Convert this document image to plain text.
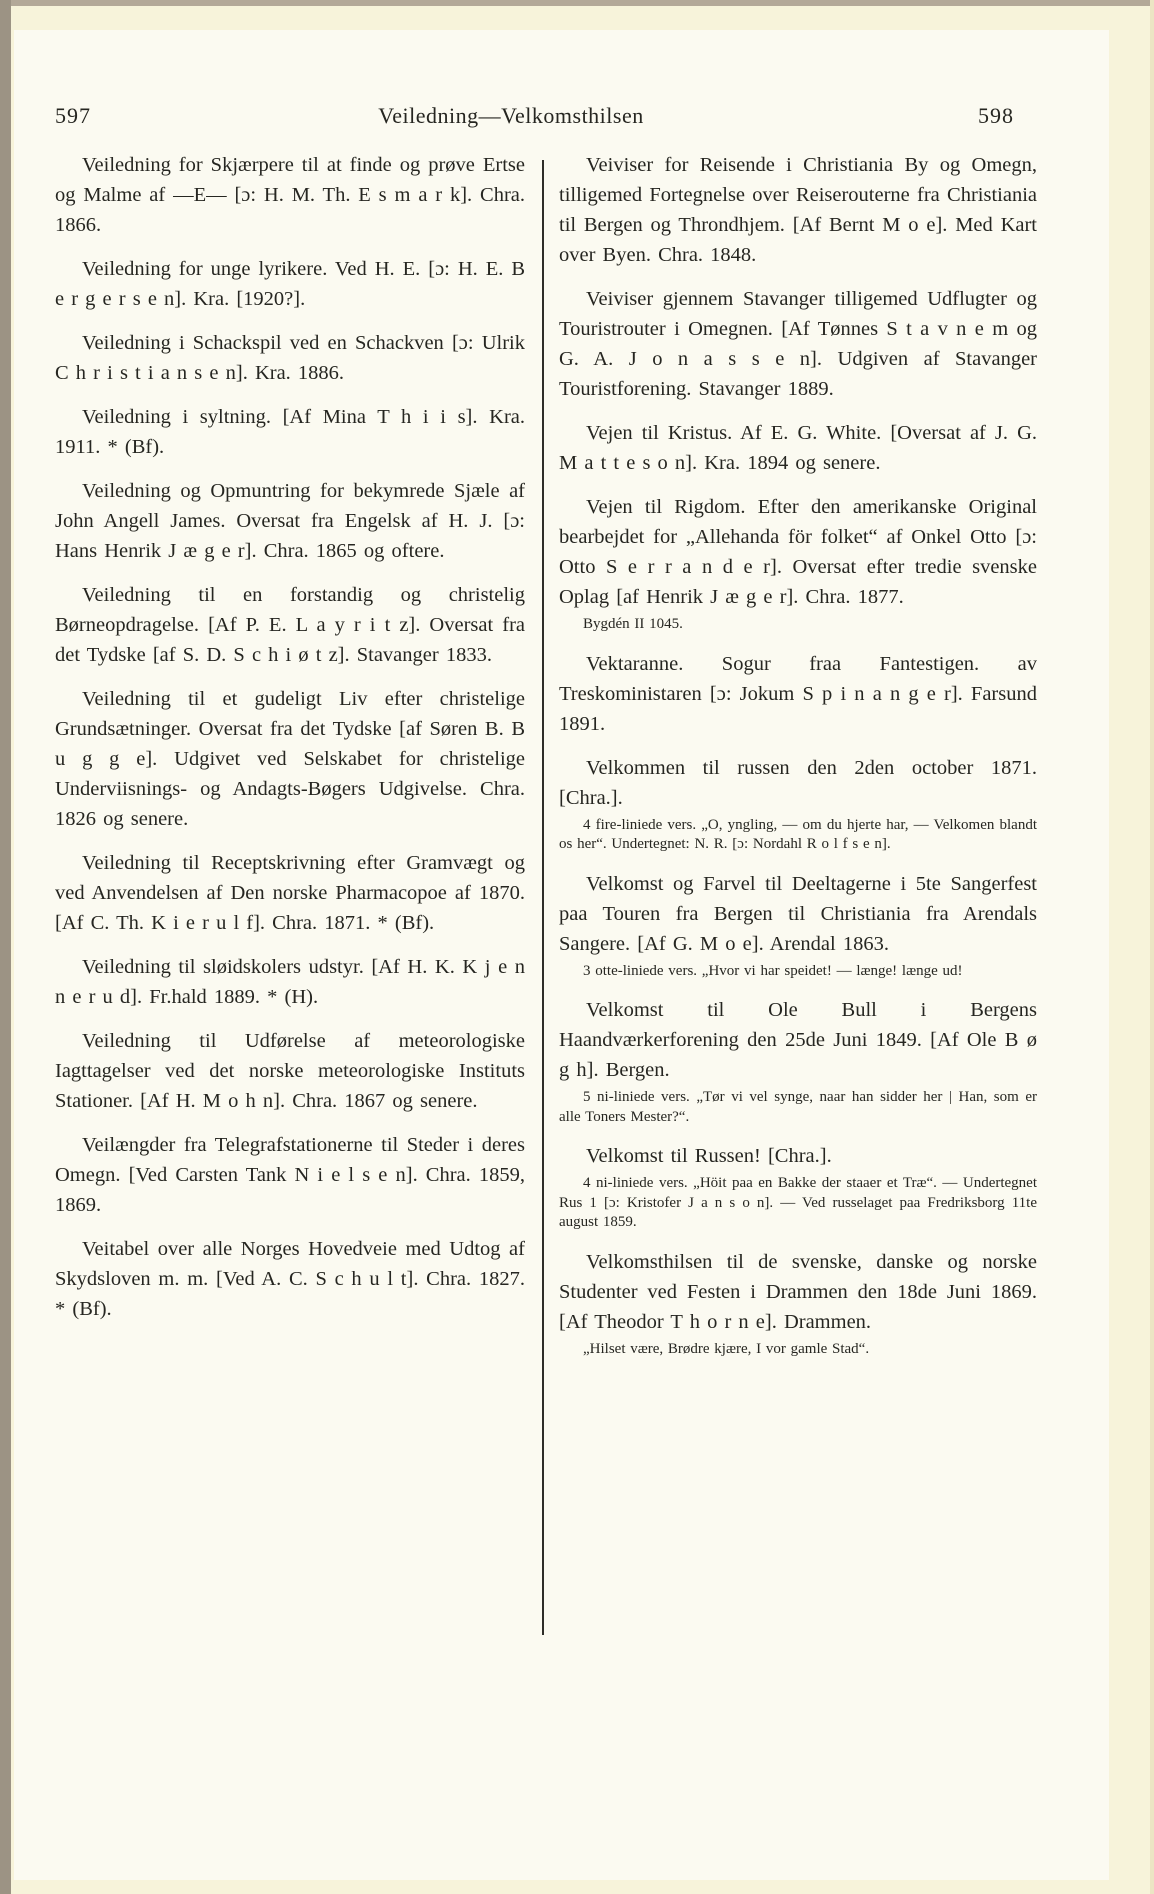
597	Veiledning—Velkomsthilsen	598

Veiledning for Skjærpere til at finde og prøve Ertse og Malme af —E— [ɔ: H. M. Th. E s m a r k]. Chra. 1866.

Veiledning for unge lyrikere. Ved H. E. [ɔ: H. E. B e r g e r s e n]. Kra. [1920?].

Veiledning i Schackspil ved en Schackven [ɔ: Ulrik C h r i s t i a n s e n]. Kra. 1886.

Veiledning i syltning. [Af Mina T h i i s]. Kra. 1911. * (Bf).

Veiledning og Opmuntring for bekymrede Sjæle af John Angell James. Oversat fra Engelsk af H. J. [ɔ: Hans Henrik J æ g e r]. Chra. 1865 og oftere.

Veiledning til en forstandig og christelig Børneopdragelse. [Af P. E. L a y r i t z]. Oversat fra det Tydske [af S. D. S c h i ø t z]. Stavanger 1833.

Veiledning til et gudeligt Liv efter christelige Grundsætninger. Oversat fra det Tydske [af Søren B. B u g g e]. Udgivet ved Selskabet for christelige Underviisnings- og Andagts-Bøgers Udgivelse. Chra. 1826 og senere.

Veiledning til Receptskrivning efter Gramvægt og ved Anvendelsen af Den norske Pharmacopoe af 1870. [Af C. Th. K i e r u l f]. Chra. 1871. * (Bf).

Veiledning til sløidskolers udstyr. [Af H. K. K j e n n e r u d]. Fr.hald 1889. * (H).

Veiledning til Udførelse af meteorologiske Iagttagelser ved det norske meteorologiske Instituts Stationer. [Af H. M o h n]. Chra. 1867 og senere.

Veilængder fra Telegrafstationerne til Steder i deres Omegn. [Ved Carsten Tank N i e l s e n]. Chra. 1859, 1869.

Veitabel over alle Norges Hovedveie med Udtog af Skydsloven m. m. [Ved A. C. S c h u l t]. Chra. 1827. * (Bf).

Veiviser for Reisende i Christiania By og Omegn, tilligemed Fortegnelse over Reiserouterne fra Christiania til Bergen og Throndhjem. [Af Bernt M o e]. Med Kart over Byen. Chra. 1848.

Veiviser gjennem Stavanger tilligemed Udflugter og Touristrouter i Omegnen. [Af Tønnes S t a v n e m og G. A. J o n a s s e n]. Udgiven af Stavanger Touristforening. Stavanger 1889.

Vejen til Kristus. Af E. G. White. [Oversat af J. G. M a t t e s o n]. Kra. 1894 og senere.

Vejen til Rigdom. Efter den amerikanske Original bearbejdet for „Allehanda för folket“ af Onkel Otto [ɔ: Otto S e r r a n d e r]. Oversat efter tredie svenske Oplag [af Henrik J æ g e r]. Chra. 1877.

Bygdén II 1045.

Vektaranne. Sogur fraa Fantestigen. av Treskoministaren [ɔ: Jokum S p i n a n g e r]. Farsund 1891.

Velkommen til russen den 2den october 1871. [Chra.].

4 fire-liniede vers. „O, yngling, — om du hjerte har, — Velkomen blandt os her“. Undertegnet: N. R. [ɔ: Nordahl R o l f s e n].

Velkomst og Farvel til Deeltagerne i 5te Sangerfest paa Touren fra Bergen til Christiania fra Arendals Sangere. [Af G. M o e]. Arendal 1863.

3 otte-liniede vers. „Hvor vi har speidet! — længe! længe ud!

Velkomst til Ole Bull i Bergens Haandværkerforening den 25de Juni 1849. [Af Ole B ø g h]. Bergen.

5 ni-liniede vers. „Tør vi vel synge, naar han sidder her | Han, som er alle Toners Mester?“.

Velkomst til Russen! [Chra.].

4 ni-liniede vers. „Höit paa en Bakke der staaer et Træ“. — Undertegnet Rus 1 [ɔ: Kristofer J a n s o n]. — Ved russelaget paa Fredriksborg 11te august 1859.

Velkomsthilsen til de svenske, danske og norske Studenter ved Festen i Drammen den 18de Juni 1869. [Af Theodor T h o r n e]. Drammen.

„Hilset være, Brødre kjære, I vor gamle Stad“.
